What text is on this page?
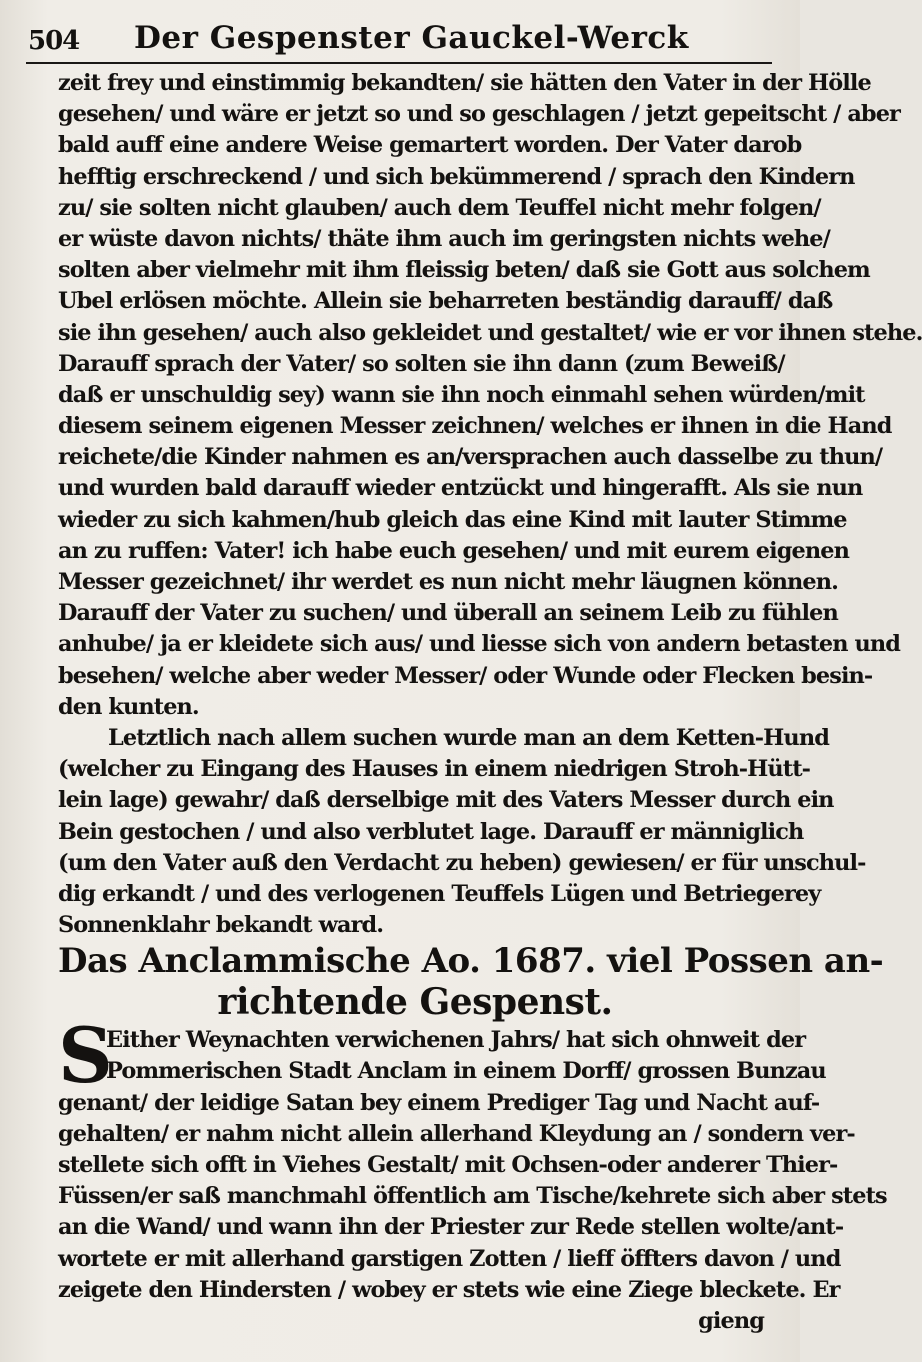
504 Der Gespenster Gauckel-Werck
zeit frey und einstimmig bekandten/ sie hätten den Vater in der Hölle
gesehen/ und wäre er jetzt so und so geschlagen / jetzt gepeitscht / aber
bald auff eine andere Weise gemartert worden. Der Vater darob
hefftig erschreckend / und sich bekümmerend / sprach den Kindern
zu/ sie solten nicht glauben/ auch dem Teuffel nicht mehr folgen/
er wüste davon nichts/ thäte ihm auch im geringsten nichts wehe/
solten aber vielmehr mit ihm fleissig beten/ daß sie Gott aus solchem
Ubel erlösen möchte. Allein sie beharreten beständig darauff/ daß
sie ihn gesehen/ auch also gekleidet und gestaltet/ wie er vor ihnen stehe.
Darauff sprach der Vater/ so solten sie ihn dann (zum Beweiß/
daß er unschuldig sey) wann sie ihn noch einmahl sehen würden/mit
diesem seinem eigenen Messer zeichnen/ welches er ihnen in die Hand
reichete/die Kinder nahmen es an/versprachen auch dasselbe zu thun/
und wurden bald darauff wieder entzückt und hingerafft. Als sie nun
wieder zu sich kahmen/hub gleich das eine Kind mit lauter Stimme
an zu ruffen: Vater! ich habe euch gesehen/ und mit eurem eigenen
Messer gezeichnet/ ihr werdet es nun nicht mehr läugnen können.
Darauff der Vater zu suchen/ und überall an seinem Leib zu fühlen
anhube/ ja er kleidete sich aus/ und liesse sich von andern betasten und
besehen/ welche aber weder Messer/ oder Wunde oder Flecken besin-
den kunten.
Letztlich nach allem suchen wurde man an dem Ketten-Hund
(welcher zu Eingang des Hauses in einem niedrigen Stroh-Hütt-
lein lage) gewahr/ daß derselbige mit des Vaters Messer durch ein
Bein gestochen / und also verblutet lage. Darauff er männiglich
(um den Vater auß den Verdacht zu heben) gewiesen/ er für unschul-
dig erkandt / und des verlogenen Teuffels Lügen und Betriegerey
Sonnenklahr bekandt ward.
Das Anclammische Ao. 1687. viel Possen an-
richtende Gespenst.
S
Either Weynachten verwichenen Jahrs/ hat sich ohnweit der
Pommerischen Stadt Anclam in einem Dorff/ grossen Bunzau
genant/ der leidige Satan bey einem Prediger Tag und Nacht auf-
gehalten/ er nahm nicht allein allerhand Kleydung an / sondern ver-
stellete sich offt in Viehes Gestalt/ mit Ochsen-oder anderer Thier-
Füssen/er saß manchmahl öffentlich am Tische/kehrete sich aber stets
an die Wand/ und wann ihn der Priester zur Rede stellen wolte/ant-
wortete er mit allerhand garstigen Zotten / lieff öffters davon / und
zeigete den Hindersten / wobey er stets wie eine Ziege bleckete. Er
gieng
